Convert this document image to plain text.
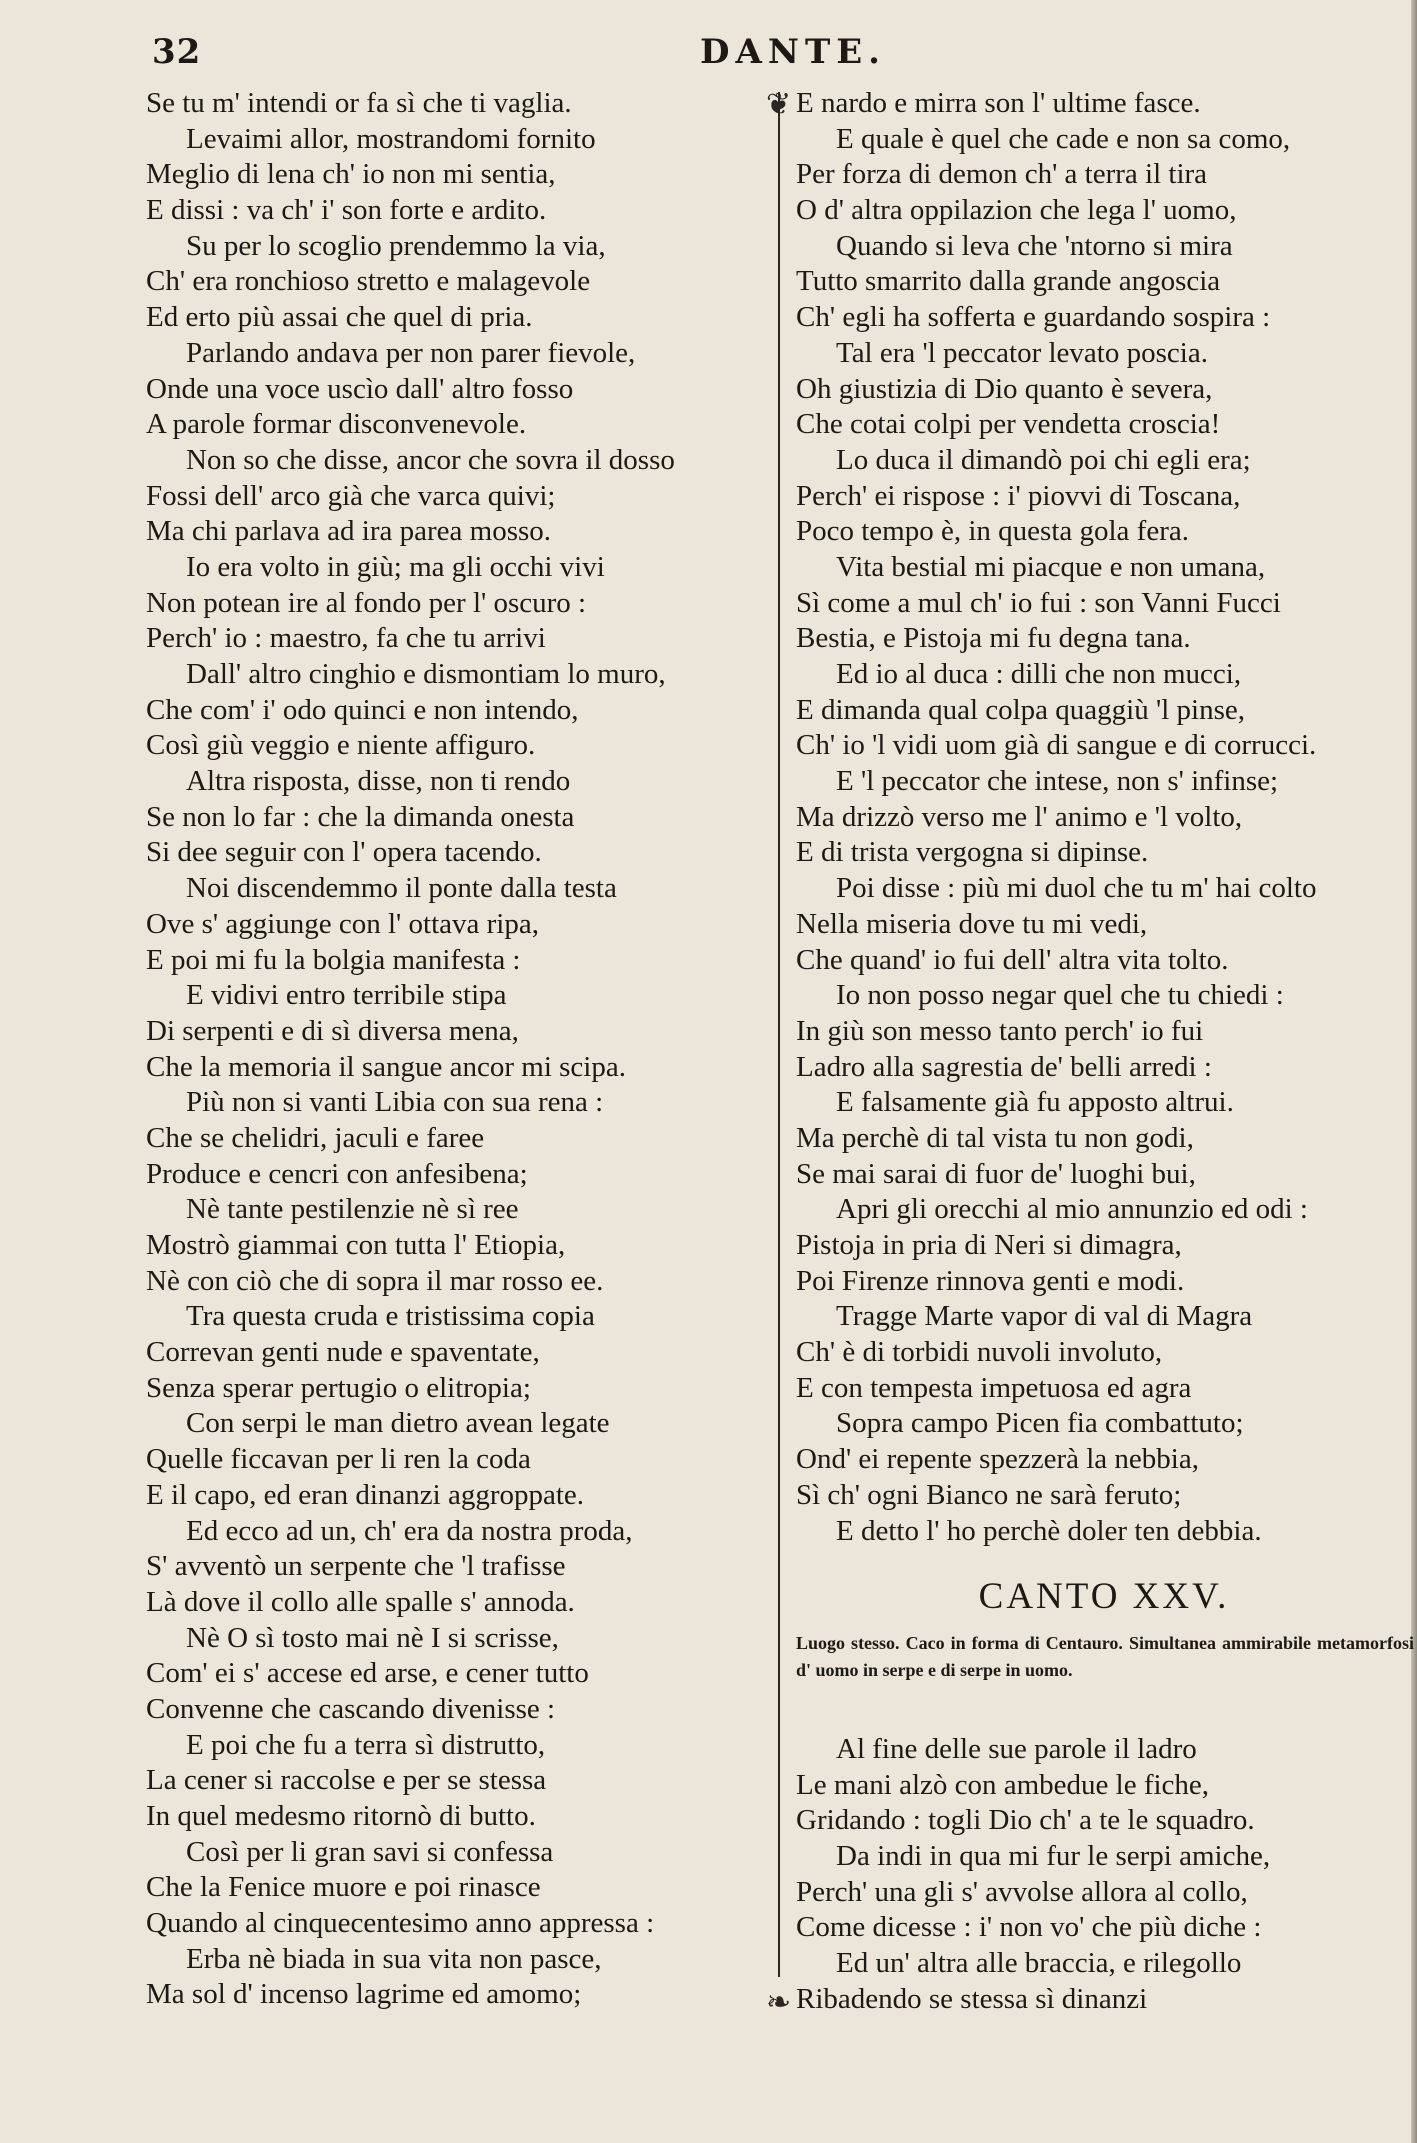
32	DANTE.
Se tu m' intendi or fa sì che ti vaglia.
Levaimi allor, mostrandomi fornito
Meglio di lena ch' io non mi sentia,
E dissi : va ch' i' son forte e ardito.
Su per lo scoglio prendemmo la via,
Ch' era ronchioso stretto e malagevole
Ed erto più assai che quel di pria.
Parlando andava per non parer fievole,
Onde una voce uscìo dall' altro fosso
A parole formar disconvenevole.
Non so che disse, ancor che sovra il dosso
Fossi dell' arco già che varca quivi;
Ma chi parlava ad ira parea mosso.
Io era volto in giù; ma gli occhi vivi
Non potean ire al fondo per l' oscuro :
Perch' io : maestro, fa che tu arrivi
Dall' altro cinghio e dismontiam lo muro,
Che com' i' odo quinci e non intendo,
Così giù veggio e niente affiguro.
Altra risposta, disse, non ti rendo
Se non lo far : che la dimanda onesta
Si dee seguir con l' opera tacendo.
Noi discendemmo il ponte dalla testa
Ove s' aggiunge con l' ottava ripa,
E poi mi fu la bolgia manifesta :
E vidivi entro terribile stipa
Di serpenti e di sì diversa mena,
Che la memoria il sangue ancor mi scipa.
Più non si vanti Libia con sua rena :
Che se chelidri, jaculi e faree
Produce e cencri con anfesibena;
Nè tante pestilenzie nè sì ree
Mostrò giammai con tutta l' Etiopia,
Nè con ciò che di sopra il mar rosso ee.
Tra questa cruda e tristissima copia
Correvan genti nude e spaventate,
Senza sperar pertugio o elitropia;
Con serpi le man dietro avean legate
Quelle ficcavan per li ren la coda
E il capo, ed eran dinanzi aggroppate.
Ed ecco ad un, ch' era da nostra proda,
S' avventò un serpente che 'l trafisse
Là dove il collo alle spalle s' annoda.
Nè O sì tosto mai nè I si scrisse,
Com' ei s' accese ed arse, e cener tutto
Convenne che cascando divenisse :
E poi che fu a terra sì distrutto,
La cener si raccolse e per se stessa
In quel medesmo ritornò di butto.
Così per li gran savi si confessa
Che la Fenice muore e poi rinasce
Quando al cinquecentesimo anno appressa :
Erba nè biada in sua vita non pasce,
Ma sol d' incenso lagrime ed amomo;
❦
❧
E nardo e mirra son l' ultime fasce.
E quale è quel che cade e non sa como,
Per forza di demon ch' a terra il tira
O d' altra oppilazion che lega l' uomo,
Quando si leva che 'ntorno si mira
Tutto smarrito dalla grande angoscia
Ch' egli ha sofferta e guardando sospira :
Tal era 'l peccator levato poscia.
Oh giustizia di Dio quanto è severa,
Che cotai colpi per vendetta croscia!
Lo duca il dimandò poi chi egli era;
Perch' ei rispose : i' piovvi di Toscana,
Poco tempo è, in questa gola fera.
Vita bestial mi piacque e non umana,
Sì come a mul ch' io fui : son Vanni Fucci
Bestia, e Pistoja mi fu degna tana.
Ed io al duca : dilli che non mucci,
E dimanda qual colpa quaggiù 'l pinse,
Ch' io 'l vidi uom già di sangue e di corrucci.
E 'l peccator che intese, non s' infinse;
Ma drizzò verso me l' animo e 'l volto,
E di trista vergogna si dipinse.
Poi disse : più mi duol che tu m' hai colto
Nella miseria dove tu mi vedi,
Che quand' io fui dell' altra vita tolto.
Io non posso negar quel che tu chiedi :
In giù son messo tanto perch' io fui
Ladro alla sagrestia de' belli arredi :
E falsamente già fu apposto altrui.
Ma perchè di tal vista tu non godi,
Se mai sarai di fuor de' luoghi bui,
Apri gli orecchi al mio annunzio ed odi :
Pistoja in pria di Neri si dimagra,
Poi Firenze rinnova genti e modi.
Tragge Marte vapor di val di Magra
Ch' è di torbidi nuvoli involuto,
E con tempesta impetuosa ed agra
Sopra campo Picen fia combattuto;
Ond' ei repente spezzerà la nebbia,
Sì ch' ogni Bianco ne sarà feruto;
E detto l' ho perchè doler ten debbia.
CANTO XXV.

Luogo stesso. Caco in forma di Centauro. Simultanea ammirabile metamorfosi d' uomo in serpe e di serpe in uomo.

Al fine delle sue parole il ladro
Le mani alzò con ambedue le fiche,
Gridando : togli Dio ch' a te le squadro.
Da indi in qua mi fur le serpi amiche,
Perch' una gli s' avvolse allora al collo,
Come dicesse : i' non vo' che più diche :
Ed un' altra alle braccia, e rilegollo
Ribadendo se stessa sì dinanzi
